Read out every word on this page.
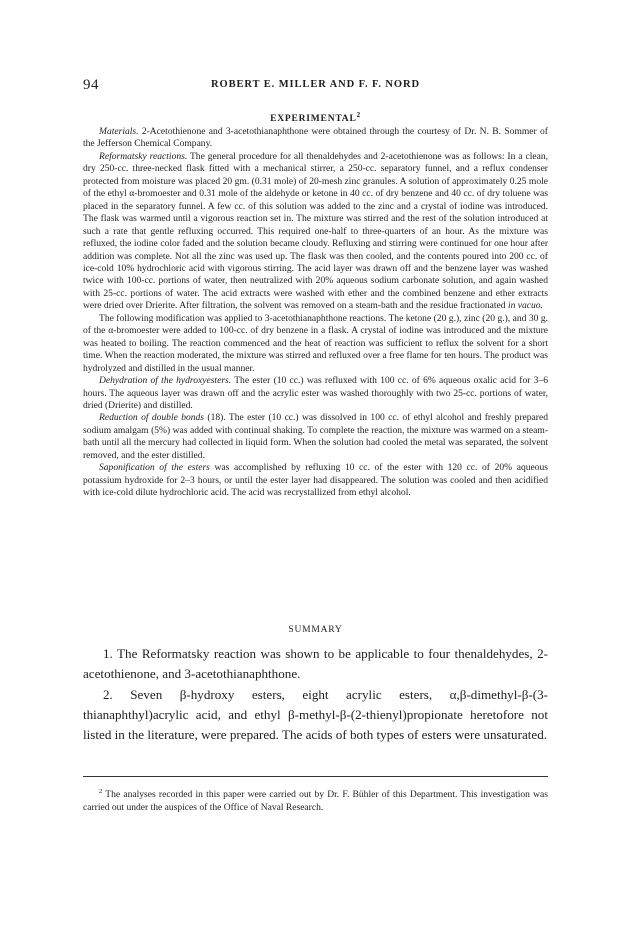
94	ROBERT E. MILLER AND F. F. NORD
EXPERIMENTAL$^2$

Materials. 2-Acetothienone and 3-acetothianaphthone were obtained through the courtesy of Dr. N. B. Sommer of the Jefferson Chemical Company.

Reformatsky reactions. The general procedure for all thenaldehydes and 2-acetothienone was as follows: In a clean, dry 250-cc. three-necked flask fitted with a mechanical stirrer, a 250-cc. separatory funnel, and a reflux condenser protected from moisture was placed 20 gm. (0.31 mole) of 20-mesh zinc granules. A solution of approximately 0.25 mole of the ethyl α-bromoester and 0.31 mole of the aldehyde or ketone in 40 cc. of dry benzene and 40 cc. of dry toluene was placed in the separatory funnel. A few cc. of this solution was added to the zinc and a crystal of iodine was introduced. The flask was warmed until a vigorous reaction set in. The mixture was stirred and the rest of the solution introduced at such a rate that gentle refluxing occurred. This required one-half to three-quarters of an hour. As the mixture was refluxed, the iodine color faded and the solution became cloudy. Refluxing and stirring were continued for one hour after addition was complete. Not all the zinc was used up. The flask was then cooled, and the contents poured into 200 cc. of ice-cold 10% hydrochloric acid with vigorous stirring. The acid layer was drawn off and the benzene layer was washed twice with 100-cc. portions of water, then neutralized with 20% aqueous sodium carbonate solution, and again washed with 25-cc. portions of water. The acid extracts were washed with ether and the combined benzene and ether extracts were dried over Drierite. After filtration, the solvent was removed on a steam-bath and the residue fractionated in vacuo.

The following modification was applied to 3-acetothianaphthone reactions. The ketone (20 g.), zinc (20 g.), and 30 g. of the α-bromoester were added to 100-cc. of dry benzene in a flask. A crystal of iodine was introduced and the mixture was heated to boiling. The reaction commenced and the heat of reaction was sufficient to reflux the solvent for a short time. When the reaction moderated, the mixture was stirred and refluxed over a free flame for ten hours. The product was hydrolyzed and distilled in the usual manner.

Dehydration of the hydroxyesters. The ester (10 cc.) was refluxed with 100 cc. of 6% aqueous oxalic acid for 3–6 hours. The aqueous layer was drawn off and the acrylic ester was washed thoroughly with two 25-cc. portions of water, dried (Drierite) and distilled.

Reduction of double bonds (18). The ester (10 cc.) was dissolved in 100 cc. of ethyl alcohol and freshly prepared sodium amalgam (5%) was added with continual shaking. To complete the reaction, the mixture was warmed on a steam-bath until all the mercury had collected in liquid form. When the solution had cooled the metal was separated, the solvent removed, and the ester distilled.

Saponification of the esters was accomplished by refluxing 10 cc. of the ester with 120 cc. of 20% aqueous potassium hydroxide for 2–3 hours, or until the ester layer had disappeared. The solution was cooled and then acidified with ice-cold dilute hydrochloric acid. The acid was recrystallized from ethyl alcohol.

SUMMARY

1. The Reformatsky reaction was shown to be applicable to four thenaldehydes, 2-acetothienone, and 3-acetothianaphthone.

2. Seven β-hydroxy esters, eight acrylic esters, α,β-dimethyl-β-(3-thianaphthyl)acrylic acid, and ethyl β-methyl-β-(2-thienyl)propionate heretofore not listed in the literature, were prepared. The acids of both types of esters were unsaturated.

$^2$ The analyses recorded in this paper were carried out by Dr. F. Bühler of this Department. This investigation was carried out under the auspices of the Office of Naval Research.
